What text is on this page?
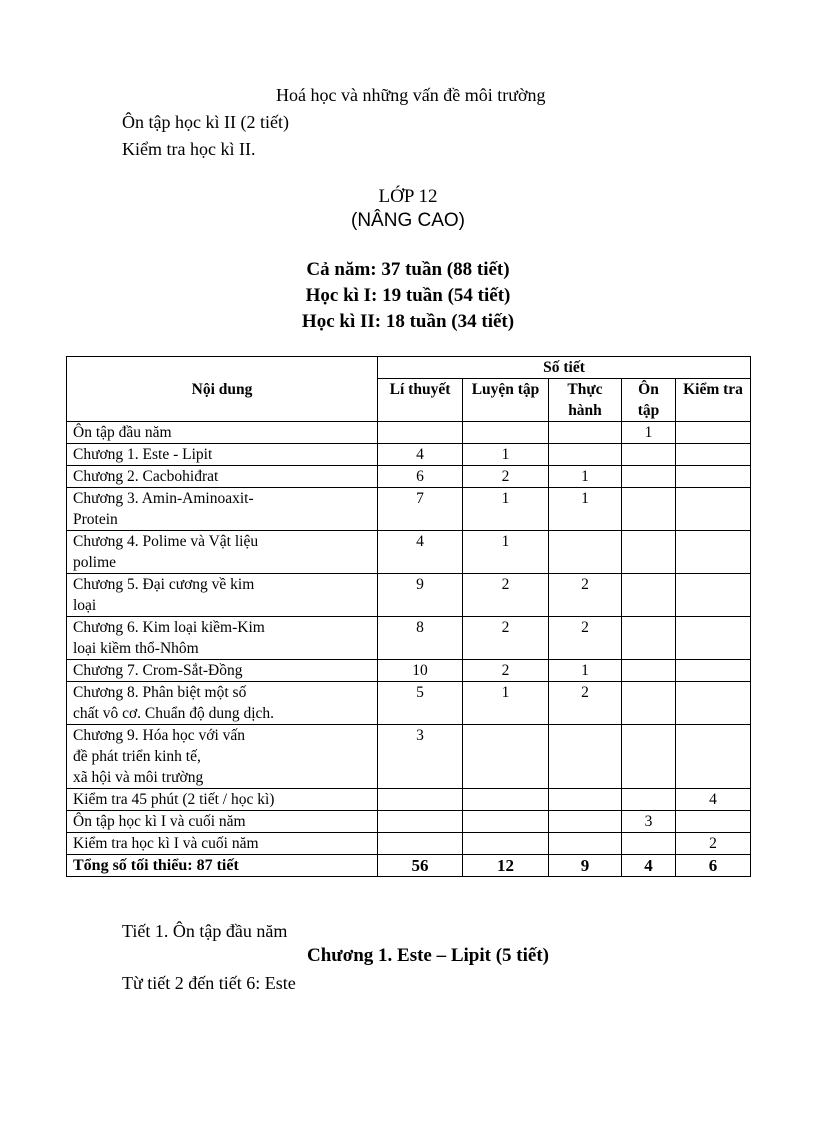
Hoá học và những vấn đề môi trường
Ôn tập học kì II (2 tiết)
Kiểm tra học kì II.
LỚP 12
(NÂNG CAO)
Cả năm: 37 tuần (88 tiết)
Học kì I: 19 tuần (54 tiết)
Học kì II: 18 tuần (34 tiết)
Nội dung	Số tiết				
	Lí thuyết	Luyện tập	Thực hành	Ôn tập	Kiểm tra
Ôn tập đầu năm				1	
Chương 1. Este - Lipit	4	1			
Chương 2. Cacbohiđrat	6	2	1		
Chương 3. Amin-Aminoaxit-
Protein	7	1	1		
Chương 4. Polime và Vật liệu
polime	4	1			
Chương 5. Đại cương về kim
loại	9	2	2		
Chương 6. Kim loại kiềm-Kim
loại kiềm thổ-Nhôm	8	2	2		
Chương 7. Crom-Sắt-Đồng	10	2	1		
Chương 8. Phân biệt một số
chất vô cơ. Chuẩn độ dung dịch.	5	1	2		
Chương 9. Hóa học với vấn
đề phát triển kinh tế,
xã hội và môi trường	3				
Kiểm tra 45 phút (2 tiết / học kì)					4
Ôn tập học kì I và cuối năm				3	
Kiểm tra học kì I và cuối năm					2
Tổng số tối thiểu: 87 tiết	56	12	9	4	6
Tiết 1. Ôn tập đầu năm
Chương 1. Este – Lipit (5 tiết)
Từ tiết 2 đến tiết 6: Este
